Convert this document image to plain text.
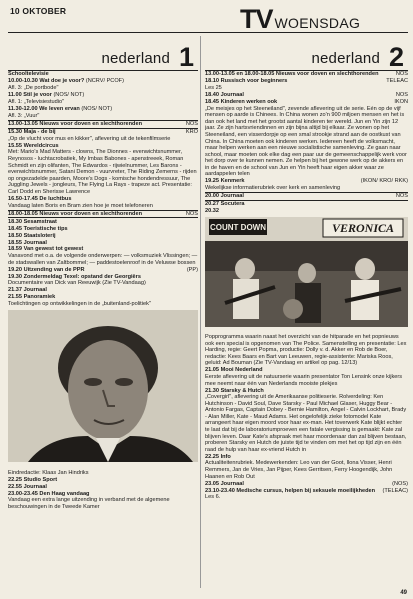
10 OKTOBER	TV WOENSDAG
nederland 1
Schooltelevisie
10.00-10.30 Wat doe je voor? (NCRV/ PCOF)
Afl. 3: „De portbode"
11.00 Stil je voor (NOS/ NOT)
Afl. 1: „Televisiestudio"
11.30-12.00 We leven ervan (NOS/ NOT)
Afl. 3: „Vuur"
13.00-13.05 Nieuws voor doven en slechthorenden	NOS
15.30 Maja - de bij	KRO
„Op de vlucht voor mus en kikker", aflevering uit de tekenfilmserie
15.55 Wereldcircus
Met: Mario's Mad Matters - clowns, The Dionnes - evenwichtsnummer, Reynosos - luchtacrobatiek, My Imbas Babones - apenstreeek, Roman Schmidt en zijn olifanten, The Edwardos - rijwielnummer, Les Barons - evenwichtsnummer, Satani Demon - vuurvreter, The Riding Zemerns - rijden op ongezadelde paarden, Moore's Dogs - komische hondendressuur, The Juggling Jewels - jongleurs, The Flying La Rays - trapeze act. Presentatie: Carl Dodd en Sherisse Lawrence
16.50-17.45 De luchtbus
Vandaag laten Boris en Bram zien hoe je moet telefoneren
18.00-18.05 Nieuws voor doven en slechthorenden	NOS
18.30 Sesamstraat
18.45 Toeristische tips
18.50 Staatsloterij
18.55 Journaal
18.59 Van gewest tot gewest
Vanavond met o.a. de volgende onderwerpen: — volksmuziek Vlissingen; — de stadswallen van Zaltbommel; — paddestoelenroof in de Veluwse bossen
19.20 Uitzending van de PPR	(PP)
19.30 Zondermeldag Texel: opstand der Georgiërs
Documentaire van Dick van Reeuwijk (Zie TV-Vandaag)
21.37 Journaal
21.55 Panoramiek
Toelichtingen op ontwikkelingen in de „buitenland-politiek"
Eindredactie: Klaas Jan Hindriks
22.25 Studio Sport
22.55 Journaal
23.00-23.45 Den Haag vandaag
Vandaag een extra lange uitzending in verband met de algemene beschouwingen in de Tweede Kamer
nederland 2
13.00-13.05 en 18.00-18.05 Nieuws voor doven en slechthorenden	NOS
18.10 Russisch voor beginners	TELEAC
Les 25
18.40 Journaal	NOS
18.45 Kinderen werken ook	IKON
„De meisjes op het Steeneiland", zevende aflevering uit de serie. Eén op de vijf mensen op aarde is Chinees. In China wonen zo'n 900 miljoen mensen en het is dan ook het land met het grootst aantal kinderen ter wereld. Jun en Yin zijn 12 jaar. Ze zijn hartsvriendinnen en zijn bijna altijd bij elkaar. Ze wonen op het Steeneiland, een visserdorpje op een smal strookje strand aan de oostkust van China. In China moeten ook kinderen werken. Iedereen heeft de volksmacht, maar helpen werken aan een nieuwe socialistische samenleving. Ze gaan naar school, maar moeten ook elke dag een paar uur de gemeenschappelijk werk voor het dorp over te kunnen nemen. Ze helpen bij het gewone werk op de akkers en in de haven en de school van Jun en Yin heeft haar eigen akker waar ze aardappelen telen
19.25 Kenmerk	(IKON/ KRO/ RKK)
Wekelijkse informatierubriek over kerk en samenleving
20.00 Journaal	NOS
20.27 Socutera
20.32
COUNT DOWN	VERONICA
Popprogramma waarin naast het overzicht van de hitparade en het popnieuws ook een special is opgenomen van The Police. Samenstelling en presentatie: Lex Harding, regie: Geert Popma, productie: Dolly v. d. Akker en Rob de Boer, redactie: Kees Baars en Bart van Leeuwen, regie-assistente: Mariska Roos, geluid: Ad Bouman (Zie TV-Vandaag en artikel op pag. 12/13)
21.05 Mooi Nederland
Eerste aflevering uit de natuurserie waarin presentator Ton Lensink onze kijkers mee neemt naar één van Nederlands mooiste plekjes
21.30 Starsky & Hutch
„Covergirl", aflevering uit de Amerikaanse politieserie. Rolverdeling: Ken Hutchinson - David Soul, Dave Starsky - Paul Michael Glaser, Huggy Bear - Antonio Fargas, Captain Dobey - Bernie Hamilton, Angel - Calvin Lockhart, Brady - Alan Miller, Kate - Maud Adams. Het ongelofelijk zieke fotomodel Kate arrangeert haar eigen moord voor haar ex-man. Het toverwerk Kate blijkt echter te laat dat bij de laboratoriumproeven een fatale vergissing is gemaakt: Kate zal blijven leven. Daar Kate's afspraak met haar moordenaar dan zal blijven bestaan, proberen Starsky en Hutch de juiste tijd te vinden om met het op tijd zijn en één raad de hulp van haar ex-vriend Hutch in
22.25 Info
Actualiteitenrubriek. Medewerkenden: Leo van der Goot, Ilona Visser, Henri Remmers, Jan de Vries, Jan Pijper, Kees Gerritsen, Ferry Hoogendijk, John Haanen en Rob Out
23.05 Journaal	(NOS)
23.10-23.40 Medische cursus, helpen bij seksuele moeilijkheden (TELEAC)
Les 6.
49
